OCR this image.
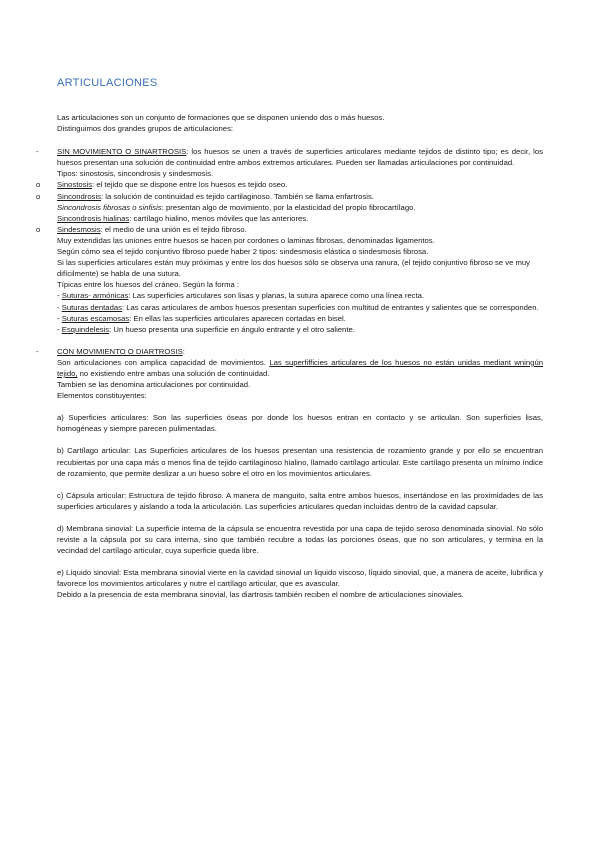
ARTICULACIONES

Las articulaciones son un conjunto de formaciones que se disponen uniendo dos o más huesos.

Distinguimos dos grandes grupos de articulaciones:

-	SIN MOVIMIENTO O SINARTROSIS: los huesos se unen a través de superficies articulares mediante tejidos de distinto tipo; es decir, los huesos presentan una solución de continuidad entre ambos extremos articulares. Pueden ser llamadas articulaciones por continuidad.

Tipos: sinostosis, sincondrosis y sindesmosis.

o	Sinostosis: el tejido que se dispone entre los huesos es tejido oseo.
o	Sincondrosis: la solución de continuidad es tejido cartilaginoso. También se llama enfartrosis.

Sincondrosis fibrosas o sinfisis: presentan algo de movimiento, por la elasticidad del propio fibrocartílago.

Sincondrosis hialinas: cartílago hialino, menos móviles que las anteriores.

o	Sindesmosis: el medio de una unión es el tejido fibroso.

Muy extendidas las uniones entre huesos se hacen por cordones o laminas fibrosas, denominadas ligamentos.

Según cómo sea el tejido conjuntivo fibroso puede haber 2 tipos: sindesmosis elástica o sindesmosis fibrosa.

Si las superficies articulares están muy próximas y entre los dos huesos sólo se observa una ranura, (el tejido conjuntivo fibroso se ve muy difícilmente) se habla de una sutura.

Típicas entre los huesos del cráneo. Según la forma :

- Suturas- armónicas: Las superficies articulares son lisas y planas, la sutura aparece como una línea recta.

- Suturas dentadas: Las caras articulares de ambos huesos presentan superficies con multitud de entrantes y salientes que se corresponden.

- Suturas escamosas: En ellas las superficies articulares aparecen cortadas en bisel.

- Esquindelesis: Un hueso presenta una superficie en ángulo entrante y el otro saliente.

-	CON MOVIMIENTO O DIARTROSIS:

Son articulaciones con amplica capacidad de movimientos. Las superfifficies articulares de los huesos no están unidas mediant wningún tejido, no existiendo entre ambas una solución de continuidad.

Tambien se las denomina articulaciones por continuidad.

Elementos constituyentes:

a) Superficies articulares: Son las superficies óseas por donde los huesos entran en contacto y se articulan. Son superficies lisas, homogéneas y siempre parecen pulimentadas.

b) Cartílago articular: Las Superficies articulares de los huesos presentan una resistencia de rozamiento grande y por ello se encuentran recubiertas por una capa más o menos fina de tejido cartilaginoso hialino, llamado cartílago articular. Este cartílago presenta un mínimo índice de rozamiento, que permite deslizar a un hueso sobre el otro en los movimientos articulares.

c) Cápsula articular: Estructura de tejido fibroso. A manera de manguito, salta entre ambos huesos, insertándose en las proximidades de las superficies articulares y aislando a toda la articulación. Las superficies articulares quedan incluidas dentro de la cavidad capsular.

d) Membrana sinovial: La superficie interna de la cápsula se encuentra revestida por una capa de tejido seroso denominada sinovial. No sólo reviste a la cápsula por su cara interna, sino que también recubre a todas las porciones óseas, que no son articulares, y termina en la vecindad del cartílago articular, cuya superficie queda libre.

e) Líquido sinovial: Esta membrana sinovial vierte en la cavidad sinovial un liquido viscoso, líquido sinovial, que, a manera de aceite, lubrifica y favorece los movimientos articulares y nutre el cartílago articular, que es avascular.

Debido a la presencia de esta membrana sinovial, las diartrosis también reciben el nombre de articulaciones sinoviales.
